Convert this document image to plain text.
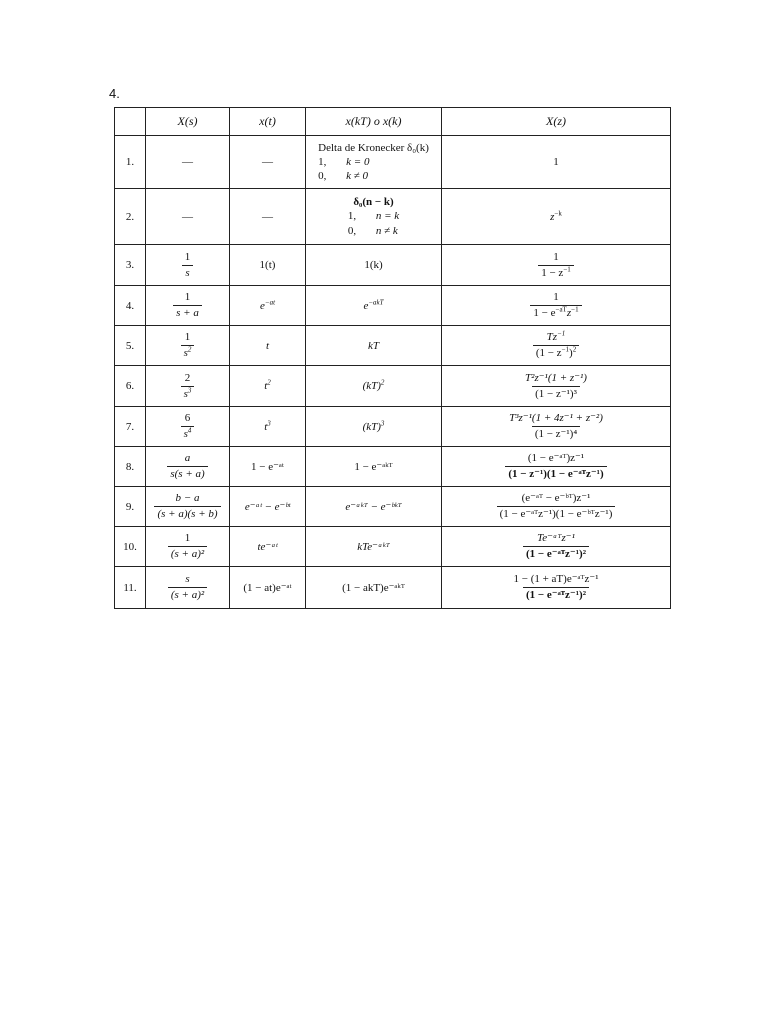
4.
	X(s)	x(t)	x(kT) o x(k)	X(z)
1.	—	—	Delta de Kronecker δ₀(k)
1, k = 0
0, k ≠ 0	1
2.	—	—	δ₀(n − k)
1, n = k
0, n ≠ k	$z^{-k}$
3.	$\frac{1}{s}$	1(t)	1(k)	$\frac{1}{1 - z^{-1}}$

4.	$\frac{1}{s + a}$	$e^{-at}$	$e^{-akT}$	$\frac{1}{1 - e^{-aT}z^{-1}}$

5.	$\frac{1}{s^2}$	t	kT	$\frac{Tz^{-1}}{(1 - z^{-1})^2}$

6.	$\frac{2}{s^3}$	$t^2$	(kT)$^2$	$\frac{\text{T²z⁻¹(1 + z⁻¹)}}{\text{(1 − z⁻¹)³}}$

7.	$\frac{6}{s^4}$	$t^3$	(kT)$^3$	$\frac{\text{T³z⁻¹(1 + 4z⁻¹ + z⁻²)}}{\text{(1 − z⁻¹)⁴}}$

8.	$\frac{a}{s(s + a)}$	1 − e⁻ᵃᵗ	1 − e⁻ᵃᵏᵀ	$\frac{\text{(1 − e⁻ᵃᵀ)z⁻¹}}{\text{(1 − z⁻¹)(1 − e⁻ᵃᵀz⁻¹)}}$

9.	$\frac{b - a}{(s + a)(s + b)}$	e⁻ᵃᵗ − e⁻ᵇᵗ	e⁻ᵃᵏᵀ − e⁻ᵇᵏᵀ	$\frac{\text{(e⁻ᵃᵀ − e⁻ᵇᵀ)z⁻¹}}{\text{(1 − e⁻ᵃᵀz⁻¹)(1 − e⁻ᵇᵀz⁻¹)}}$

10.	$\frac{1}{\text{(s + a)²}}$	te⁻ᵃᵗ	kTe⁻ᵃᵏᵀ	$\frac{\text{Te⁻ᵃᵀz⁻¹}}{\text{(1 − e⁻ᵃᵀz⁻¹)²}}$

11.	$\frac{s}{\text{(s + a)²}}$	(1 − at)e⁻ᵃᵗ	(1 − akT)e⁻ᵃᵏᵀ	$\frac{\text{1 − (1 + aT)e⁻ᵃᵀz⁻¹}}{\text{(1 − e⁻ᵃᵀz⁻¹)²}}$
